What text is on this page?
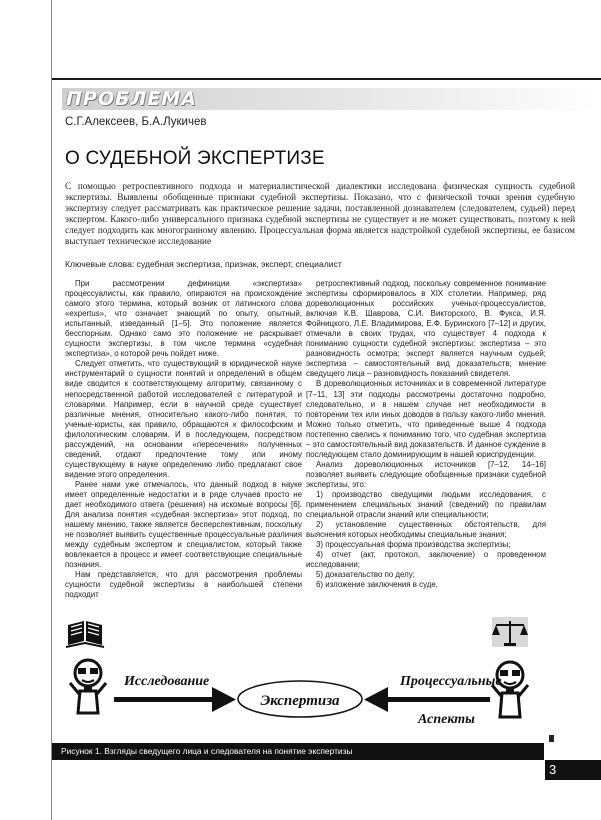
ПРОБЛЕМА
С.Г.Алексеев, Б.А.Лукичев
О СУДЕБНОЙ ЭКСПЕРТИЗЕ

С помощью ретроспективного подхода и материалистической диалектики исследована физическая сущность судебной экспертизы. Выявлены обобщенные признаки судебной экспертизы. Показано, что с физической точки зрения судебную экспертизу следует рассматривать как практическое решение задачи, поставленной дознавателем (следователем, судьей) перед экспертом. Какого-либо универсального признака судебной экспертизы не существует и не может существовать, поэтому к ней следует подходить как многогранному явлению. Процессуальная форма является надстройкой судебной экспертизы, ее базисом выступает техническое исследование

Ключевые слова: судебная экспертиза, признак, эксперт, специалист

При рассмотрении дефиниции «экспертиза» процессуалисты, как правило, опираются на происхождение самого этого термина, который возник от латинского слова «expertus», что означает знающий по опыту, опытный, испытанный, изведанный [1–5]. Это положение является бесспорным. Однако само это положение не раскрывает сущности экспертизы, в том числе термина «судебная экспертиза», о которой речь пойдет ниже.

Следует отметить, что существующий в юридической науке инструментарий о сущности понятий и определений в общем виде сводится к соответствующему алгоритму, связанному с непосредственной работой исследователей с литературой и словарями. Например, если в научной среде существует различные мнения, относительно какого-либо понятия, то ученые-юристы, как правило, обращаются к философским и филологическим словарям. И в последующем, посредством рассуждений, на основании «пересечения» полученных сведений, отдают предпочтение тому или иному существующему в науке определению либо предлагают свое видение этого определения.

Ранее нами уже отмечалось, что данный подход в науке имеет определенные недостатки и в ряде случаев просто не дает необходимого ответа (решения) на искомые вопросы [6]. Для анализа понятия «судебная экспертиза» этот подход, по нашему мнению, также является бесперспективным, поскольку не позволяет выявить существенные процессуальные различия между судебным экспертом и специалистом, который также вовлекается в процесс и имеет соответствующие специальные познания.

Нам представляется, что для рассмотрения проблемы сущности судебной экспертизы в наибольшей степени подходит

ретроспективный подход, поскольку современное понимание экспертизы сформировалось в XIX столетии. Например, ряд дореволюционных российских ученых-процессуалистов, включая К.В. Шаврова, С.И. Викторского, В. Фукса, И.Я. Фойницкого, Л.Е. Владимирова, Е.Ф. Буринского [7–12] и других, отмечали в своих трудах, что существует 4 подхода к пониманию сущности судебной экспертизы: экспертиза – это разновидность осмотра; эксперт является научным судьей; экспертиза – самостоятельный вид доказательств; мнение сведущего лица – разновидность показаний свидетеля.

В дореволюционных источниках и в современной литературе [7–11, 13] эти подходы рассмотрены достаточно подробно, следовательно, и в нашем случае нет необходимости в повторении тех или иных доводов в пользу какого-либо мнения. Можно только отметить, что приведенные выше 4 подхода постепенно свелись к пониманию того, что судебная экспертиза – это самостоятельный вид доказательств. И данное суждение в последующем стало доминирующим в нашей юриспруденции.

Анализ дореволюционных источников [7–12, 14–16] позволяет выявить следующие обобщенные признаки судебной экспертизы, это:

1) производство сведущими людьми исследования, с применением специальных знаний (сведений) по правилам специальной отрасли знаний или специальности;

2) установление существенных обстоятельств, для выяснения которых необходимы специальные знания;

3) процессуальная форма производства экспертизы;

4) отчет (акт, протокол, заключение) о проведенном исследовании;

5) доказательство по делу;

6) изложение заключения в суде.

Исследование
Экспертиза
Процессуальные
Аспекты
Рисунок 1. Взгляды сведущего лица и следователя на понятие экспертизы
3
